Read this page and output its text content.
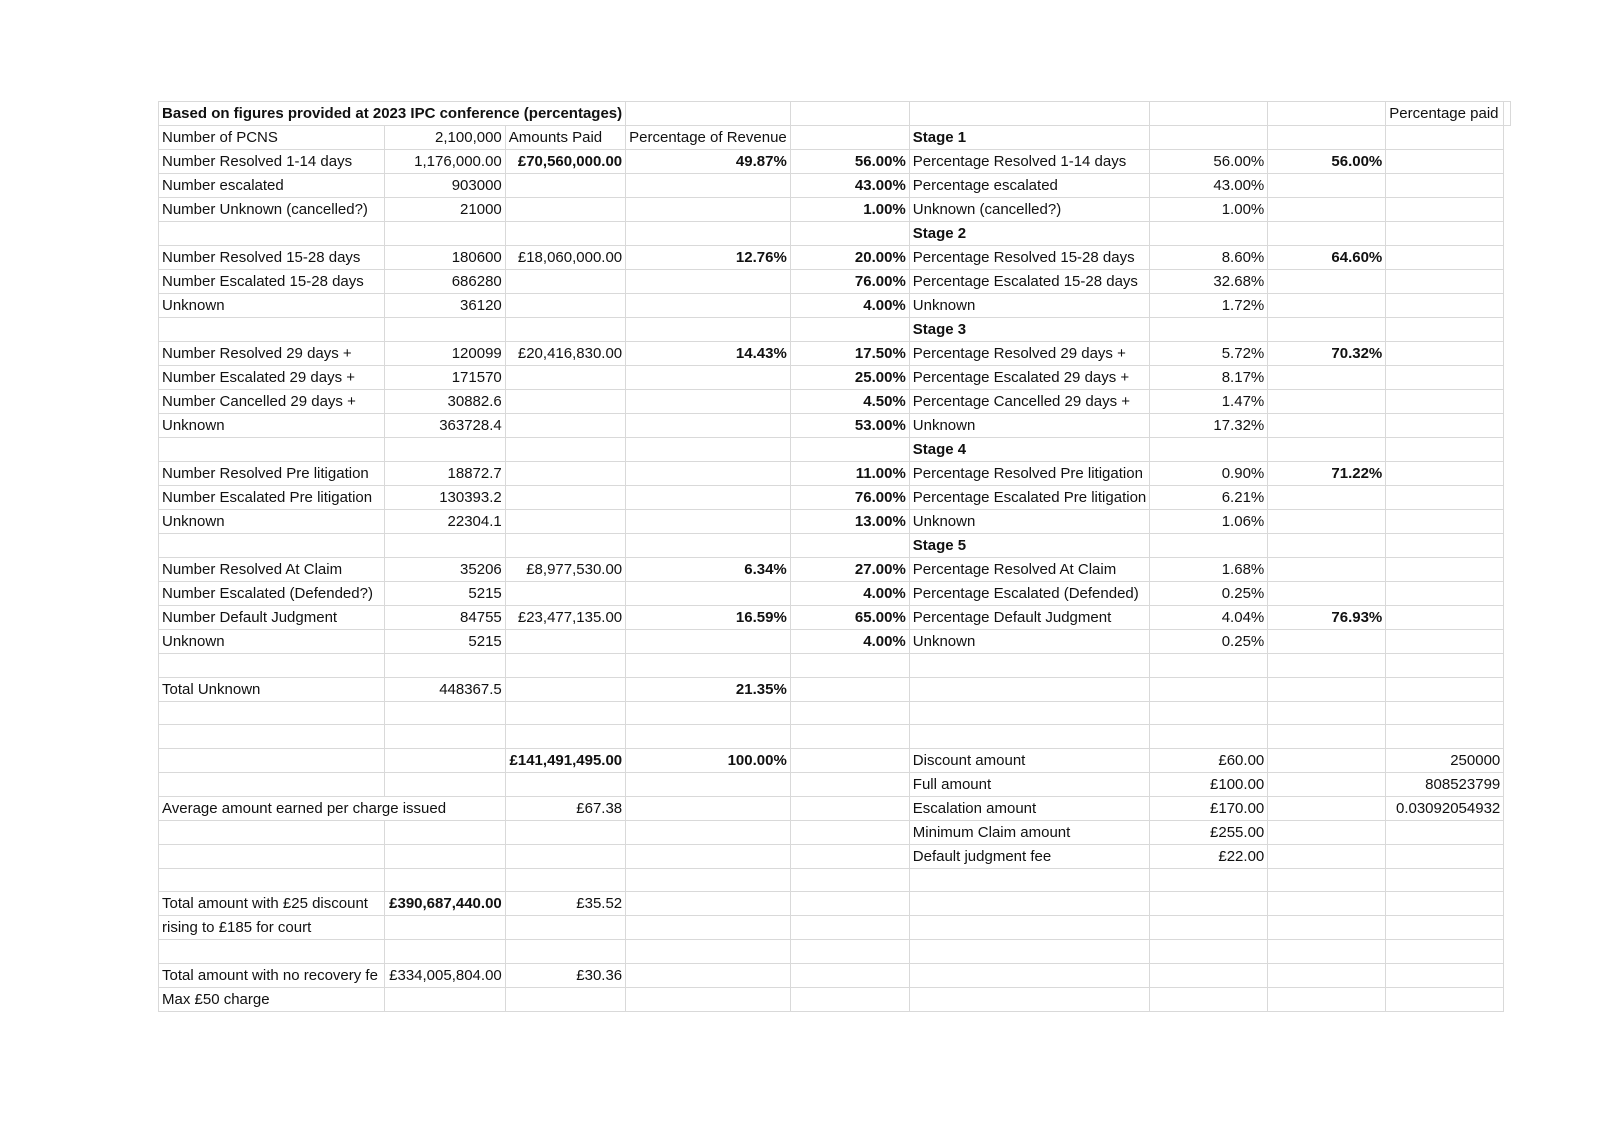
Based on figures provided at 2023 IPC conference (percentages)								Percentage paid	
Number of PCNS	2,100,000	Amounts Paid	Percentage of Revenue		Stage 1				
Number Resolved 1-14 days	1,176,000.00	£70,560,000.00	49.87%	56.00%	Percentage Resolved 1-14 days	56.00%	56.00%		
Number escalated	903000			43.00%	Percentage escalated	43.00%			
Number Unknown (cancelled?)	21000			1.00%	Unknown (cancelled?)	1.00%			
					Stage 2				
Number Resolved 15-28 days	180600	£18,060,000.00	12.76%	20.00%	Percentage Resolved 15-28 days	8.60%	64.60%		
Number Escalated 15-28 days	686280			76.00%	Percentage Escalated 15-28 days	32.68%			
Unknown	36120			4.00%	Unknown	1.72%			
					Stage 3				
Number Resolved 29 days +	120099	£20,416,830.00	14.43%	17.50%	Percentage Resolved 29 days +	5.72%	70.32%		
Number Escalated 29 days +	171570			25.00%	Percentage Escalated 29 days +	8.17%			
Number Cancelled 29 days +	30882.6			4.50%	Percentage Cancelled 29 days +	1.47%			
Unknown	363728.4			53.00%	Unknown	17.32%			
					Stage 4				
Number Resolved Pre litigation	18872.7			11.00%	Percentage Resolved Pre litigation	0.90%	71.22%		
Number Escalated Pre litigation	130393.2			76.00%	Percentage Escalated Pre litigation	6.21%			
Unknown	22304.1			13.00%	Unknown	1.06%			
					Stage 5				
Number Resolved At Claim	35206	£8,977,530.00	6.34%	27.00%	Percentage Resolved At Claim	1.68%			
Number Escalated (Defended?)	5215			4.00%	Percentage Escalated (Defended)	0.25%			
Number Default Judgment	84755	£23,477,135.00	16.59%	65.00%	Percentage Default Judgment	4.04%	76.93%		
Unknown	5215			4.00%	Unknown	0.25%			

Total Unknown	448367.5		21.35%						

		£141,491,495.00	100.00%		Discount amount	£60.00		250000	
					Full amount	£100.00		808523799	
Average amount earned per charge issued		£67.38			Escalation amount	£170.00		0.03092054932	
					Minimum Claim amount	£255.00			
					Default judgment fee	£22.00			

Total amount with £25 discount	£390,687,440.00	£35.52							
rising to £185 for court									

Total amount with no recovery fe	£334,005,804.00	£30.36							
Max £50 charge									
